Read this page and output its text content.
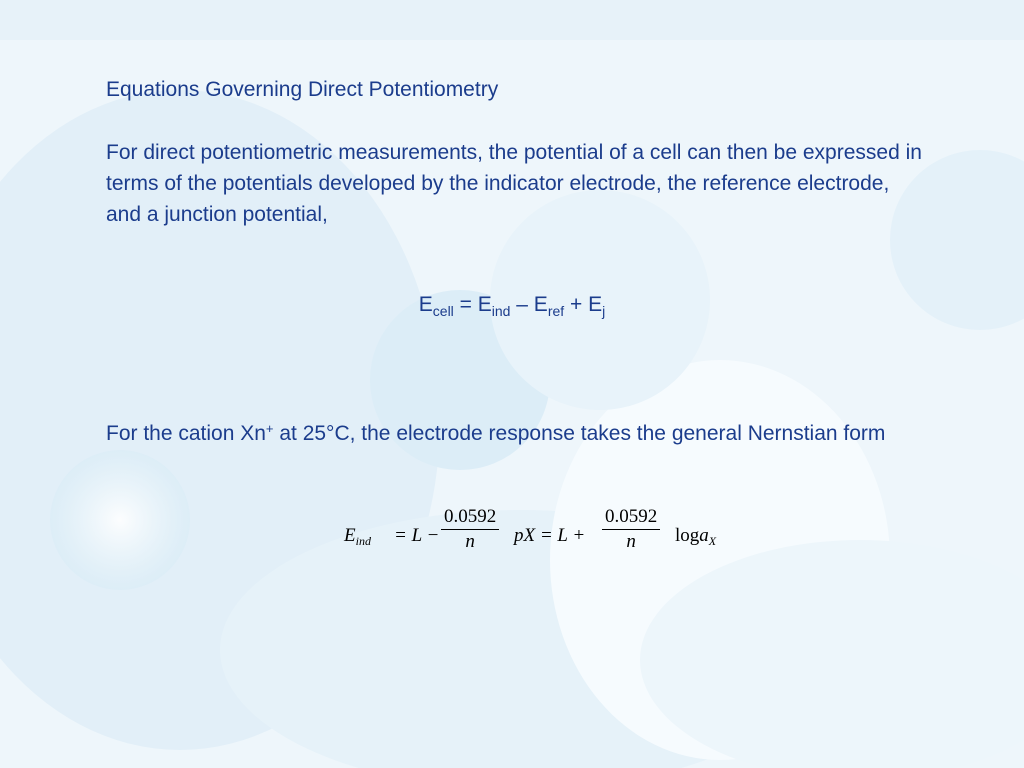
Equations Governing Direct Potentiometry

For direct potentiometric measurements, the potential of a cell can then be expressed in terms of the potentials developed by the indicator electrode, the reference electrode, and a junction potential,

$E_{cell} = E_{ind} - E_{ref} + E_j$

For the cation Xn+ at 25°C, the electrode response takes the general Nernstian form

$E_{ind} = L - \frac{0.0592}{n}$ pX = $L + \frac{0.0592}{n} \log a_X$
